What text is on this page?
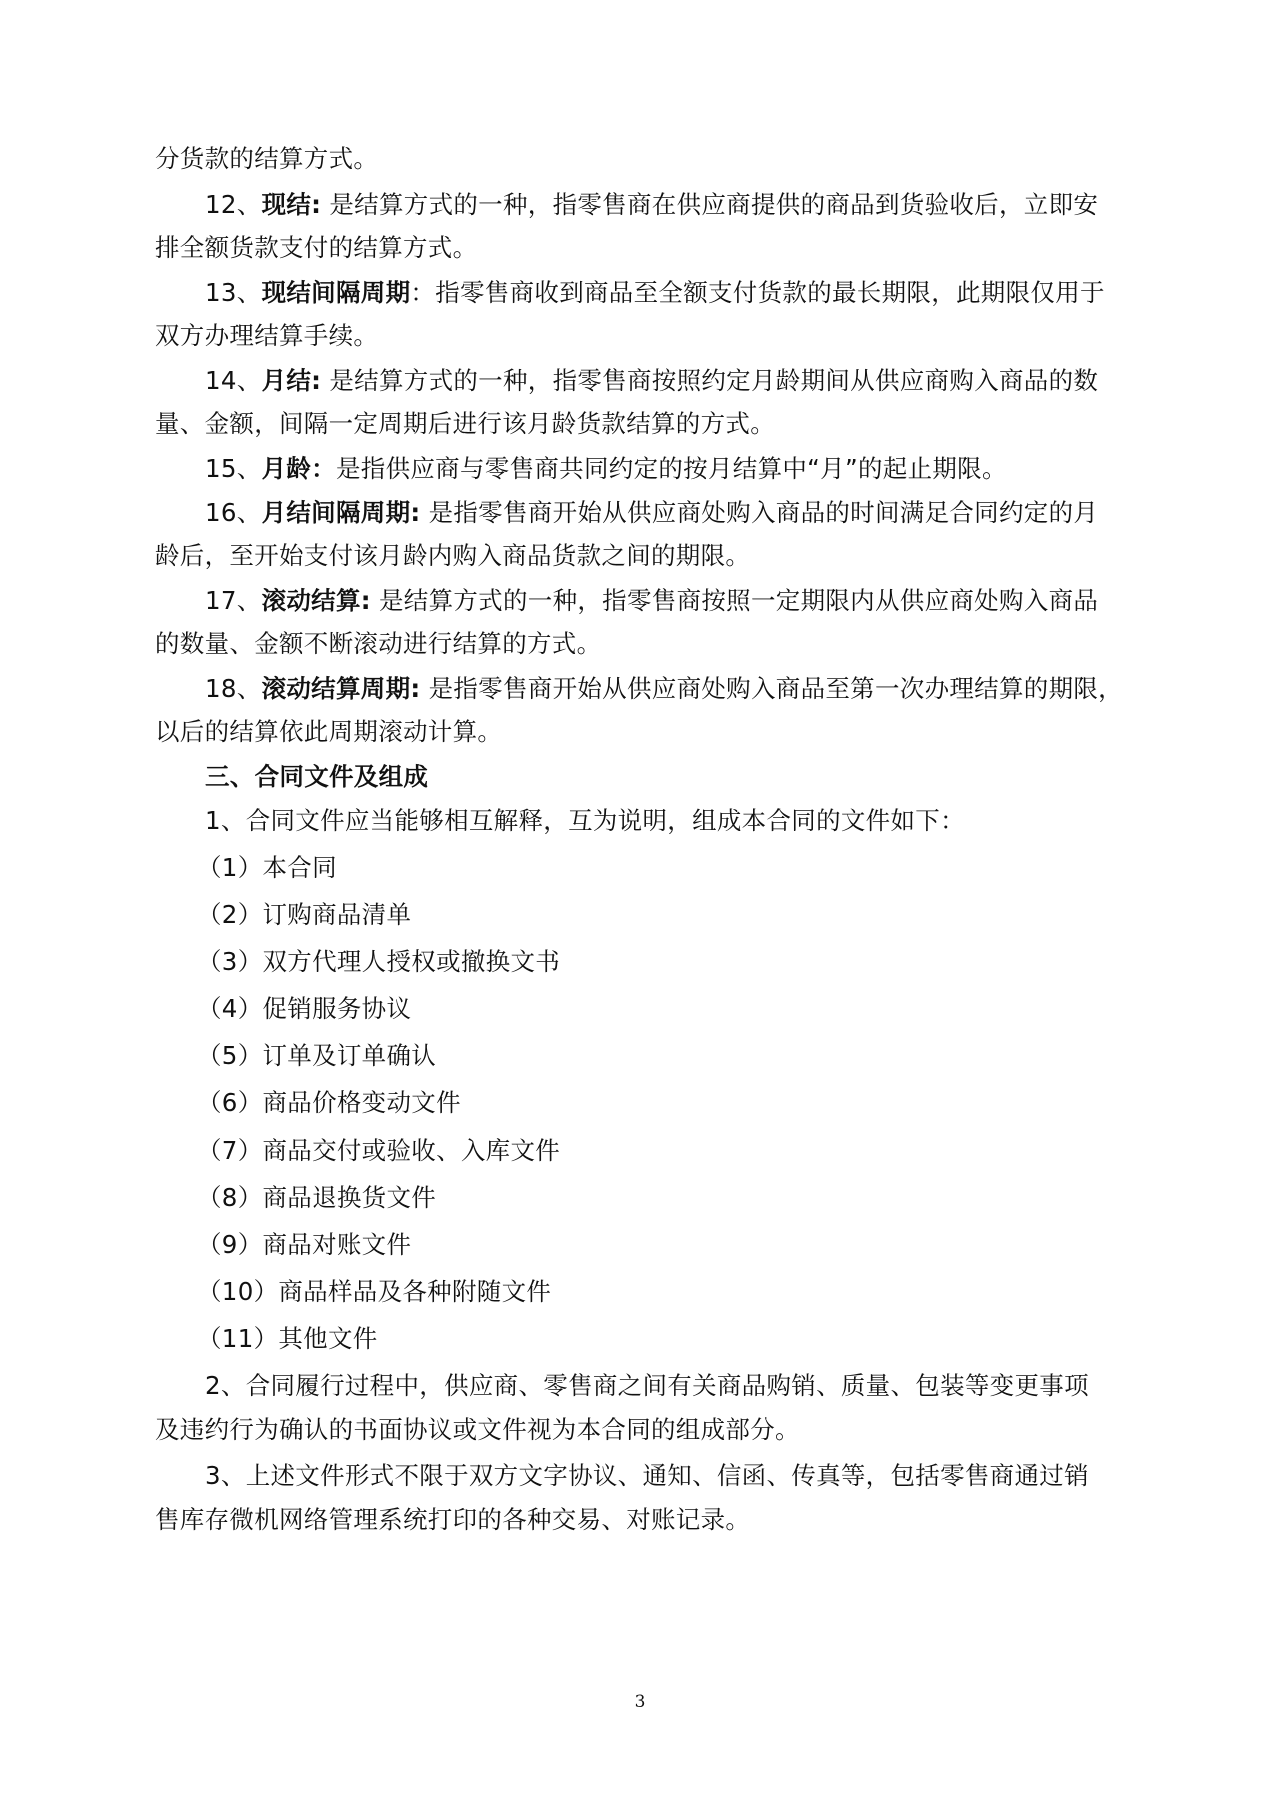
分货款的结算方式。
12、现结: 是结算方式的一种，指零售商在供应商提供的商品到货验收后，立即安
排全额货款支付的结算方式。
13、现结间隔周期：指零售商收到商品至全额支付货款的最长期限，此期限仅用于
双方办理结算手续。
14、月结: 是结算方式的一种，指零售商按照约定月龄期间从供应商购入商品的数
量、金额，间隔一定周期后进行该月龄货款结算的方式。
15、月龄：是指供应商与零售商共同约定的按月结算中“月”的起止期限。
16、月结间隔周期: 是指零售商开始从供应商处购入商品的时间满足合同约定的月
龄后，至开始支付该月龄内购入商品货款之间的期限。
17、滚动结算: 是结算方式的一种，指零售商按照一定期限内从供应商处购入商品
的数量、金额不断滚动进行结算的方式。
18、滚动结算周期: 是指零售商开始从供应商处购入商品至第一次办理结算的期限，
以后的结算依此周期滚动计算。
三、合同文件及组成
1、合同文件应当能够相互解释，互为说明，组成本合同的文件如下：
（1）本合同
（2）订购商品清单
（3）双方代理人授权或撤换文书
（4）促销服务协议
（5）订单及订单确认
（6）商品价格变动文件
（7）商品交付或验收、入库文件
（8）商品退换货文件
（9）商品对账文件
（10）商品样品及各种附随文件
（11）其他文件
2、合同履行过程中，供应商、零售商之间有关商品购销、质量、包装等变更事项
及违约行为确认的书面协议或文件视为本合同的组成部分。
3、上述文件形式不限于双方文字协议、通知、信函、传真等，包括零售商通过销
售库存微机网络管理系统打印的各种交易、对账记录。
3
